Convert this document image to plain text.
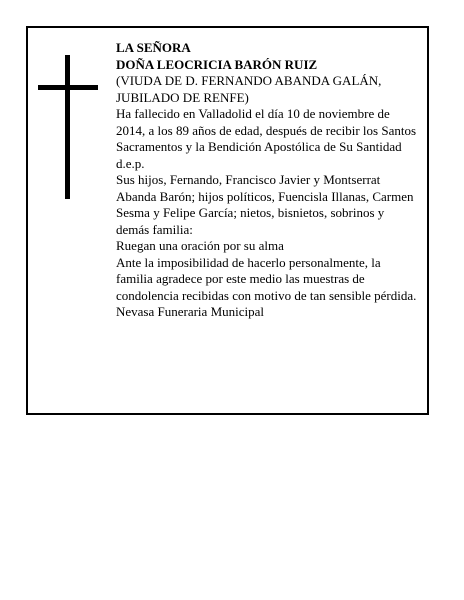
LA SEÑORA

DOÑA LEOCRICIA BARÓN RUIZ

(VIUDA DE D. FERNANDO ABANDA GALÁN, JUBILADO DE RENFE)

Ha fallecido en Valladolid el día 10 de noviembre de 2014, a los 89 años de edad, después de recibir los Santos Sacramentos y la Bendición Apostólica de Su Santidad

d.e.p.

Sus hijos, Fernando, Francisco Javier y Montserrat Abanda Barón; hijos políticos, Fuencisla Illanas, Carmen Sesma y Felipe García; nietos, bisnietos, sobrinos y demás familia:

Ruegan una oración por su alma

Ante la imposibilidad de hacerlo personalmente, la familia agradece por este medio las muestras de condolencia recibidas con motivo de tan sensible pérdida.

Nevasa Funeraria Municipal
